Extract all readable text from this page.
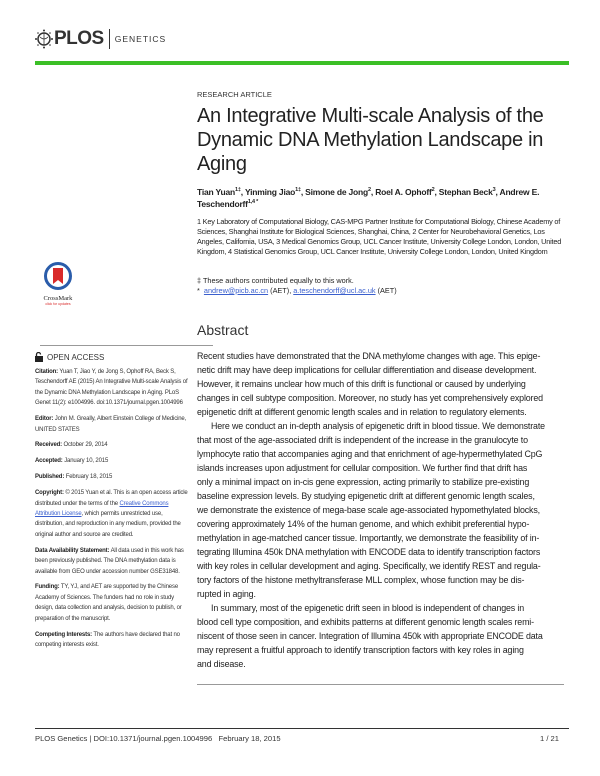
PLOS GENETICS
RESEARCH ARTICLE
An Integrative Multi-scale Analysis of the Dynamic DNA Methylation Landscape in Aging
Tian Yuan$^{1\ddagger}$, Yinming Jiao$^{1\ddagger}$, Simone de Jong$^2$, Roel A. Ophoff$^2$, Stephan Beck$^3$, Andrew E. Teschendorff$^{1,4 *}$
1 Key Laboratory of Computational Biology, CAS-MPG Partner Institute for Computational Biology, Chinese Academy of Sciences, Shanghai Institute for Biological Sciences, Shanghai, China, 2 Center for Neurobehavioral Genetics, Los Angeles, California, USA, 3 Medical Genomics Group, UCL Cancer Institute, University College London, London, United Kingdom, 4 Statistical Genomics Group, UCL Cancer Institute, University College London, London, United Kingdom
‡ These authors contributed equally to this work.
* andrew@picb.ac.cn (AET), a.teschendorff@ucl.ac.uk (AET)
CrossMark
click for updates
OPEN ACCESS
Citation: Yuan T, Jiao Y, de Jong S, Ophoff RA, Beck S, Teschendorff AE (2015) An Integrative Multi-scale Analysis of the Dynamic DNA Methylation Landscape in Aging. PLoS Genet 11(2): e1004996. doi:10.1371/journal.pgen.1004996
Editor: John M. Greally, Albert Einstein College of Medicine, UNITED STATES
Received: October 29, 2014
Accepted: January 10, 2015
Published: February 18, 2015
Copyright: © 2015 Yuan et al. This is an open access article distributed under the terms of the Creative Commons Attribution License, which permits unrestricted use, distribution, and reproduction in any medium, provided the original author and source are credited.
Data Availability Statement: All data used in this work has been previously published. The DNA methylation data is available from GEO under accession number GSE31848.
Funding: TY, YJ, and AET are supported by the Chinese Academy of Sciences. The funders had no role in study design, data collection and analysis, decision to publish, or preparation of the manuscript.
Competing Interests: The authors have declared that no competing interests exist.
Abstract
Recent studies have demonstrated that the DNA methylome changes with age. This epige-
netic drift may have deep implications for cellular differentiation and disease development.
However, it remains unclear how much of this drift is functional or caused by underlying
changes in cell subtype composition. Moreover, no study has yet comprehensively explored
epigenetic drift at different genomic length scales and in relation to regulatory elements.
Here we conduct an in-depth analysis of epigenetic drift in blood tissue. We demonstrate
that most of the age-associated drift is independent of the increase in the granulocyte to
lymphocyte ratio that accompanies aging and that enrichment of age-hypermethylated CpG
islands increases upon adjustment for cellular composition. We further find that drift has
only a minimal impact on in-cis gene expression, acting primarily to stabilize pre-existing
baseline expression levels. By studying epigenetic drift at different genomic length scales,
we demonstrate the existence of mega-base scale age-associated hypomethylated blocks,
covering approximately 14% of the human genome, and which exhibit preferential hypo-
methylation in age-matched cancer tissue. Importantly, we demonstrate the feasibility of in-
tegrating Illumina 450k DNA methylation with ENCODE data to identify transcription factors
with key roles in cellular development and aging. Specifically, we identify REST and regula-
tory factors of the histone methyltransferase MLL complex, whose function may be dis-
rupted in aging.
In summary, most of the epigenetic drift seen in blood is independent of changes in
blood cell type composition, and exhibits patterns at different genomic length scales remi-
niscent of those seen in cancer. Integration of Illumina 450k with appropriate ENCODE data
may represent a fruitful approach to identify transcription factors with key roles in aging
and disease.
PLOS Genetics | DOI:10.1371/journal.pgen.1004996   February 18, 2015	1 / 21
